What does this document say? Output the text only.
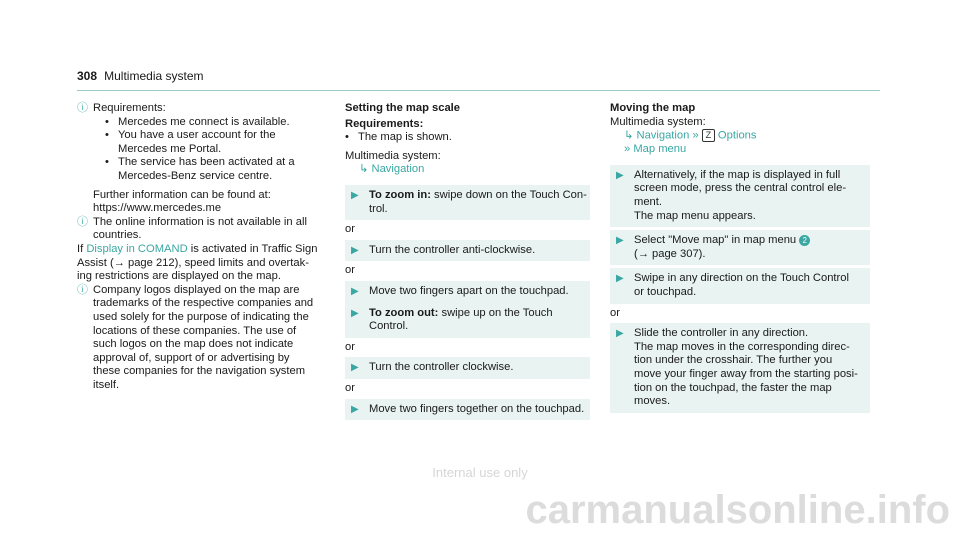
308 Multimedia system
ⓘ Requirements:
• Mercedes me connect is available.
• You have a user account for the
Mercedes me Portal.
• The service has been activated at a
Mercedes-Benz service centre.
Further information can be found at:
https://www.mercedes.me
ⓘ The online information is not available in all
countries.
If Display in COMAND is activated in Traffic Sign
Assist (→ page 212), speed limits and overtak-
ing restrictions are displayed on the map.
ⓘ Company logos displayed on the map are
trademarks of the respective companies and
used solely for the purpose of indicating the
locations of these companies. The use of
such logos on the map does not indicate
approval of, support of or advertising by
these companies for the navigation system
itself.
Setting the map scale
Requirements:
• The map is shown.
Multimedia system:
↳ Navigation
▶ To zoom in: swipe down on the Touch Con-
trol.
or
▶ Turn the controller anti-clockwise.
or
▶ Move two fingers apart on the touchpad.
▶ To zoom out: swipe up on the Touch Control.
or
▶ Turn the controller clockwise.
or
▶ Move two fingers together on the touchpad.
Moving the map
Multimedia system:
↳ Navigation » Z Options
» Map menu
▶ Alternatively, if the map is displayed in full
screen mode, press the central control ele-
ment.
The map menu appears.
▶ Select "Move map" in map menu 2
(→ page 307).
▶ Swipe in any direction on the Touch Control
or touchpad.
or
▶ Slide the controller in any direction.
The map moves in the corresponding direc-
tion under the crosshair. The further you
move your finger away from the starting posi-
tion on the touchpad, the faster the map
moves.
Internal use only
carmanualsonline.info
